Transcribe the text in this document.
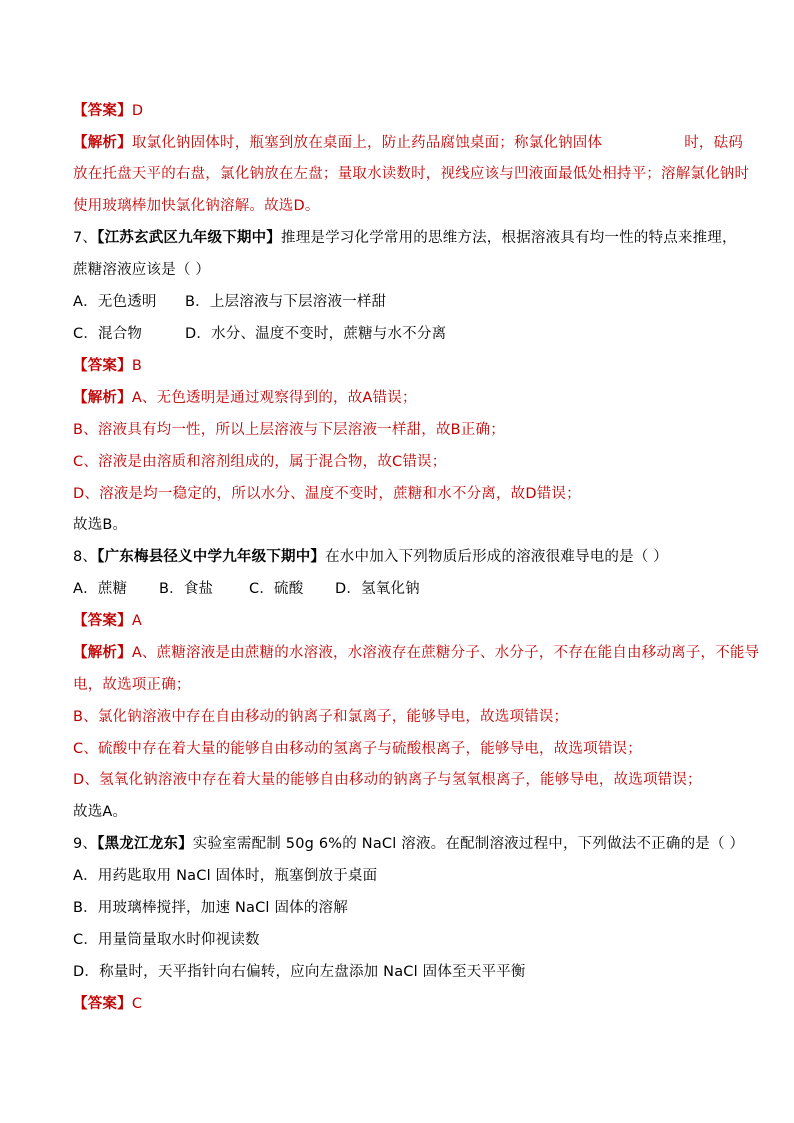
【答案】D
【解析】取氯化钠固体时，瓶塞到放在桌面上，防止药品腐蚀桌面；称氯化钠固体	时，砝码
放在托盘天平的右盘，氯化钠放在左盘；量取水读数时，视线应该与凹液面最低处相持平；溶解氯化钠时
使用玻璃棒加快氯化钠溶解。故选D。
7、【江苏玄武区九年级下期中】推理是学习化学常用的思维方法，根据溶液具有均一性的特点来推理，
蔗糖溶液应该是（ ）
A．无色透明 B．上层溶液与下层溶液一样甜
C．混合物	D．水分、温度不变时，蔗糖与水不分离
【答案】B
【解析】A、无色透明是通过观察得到的，故A错误；
B、溶液具有均一性，所以上层溶液与下层溶液一样甜，故B正确；
C、溶液是由溶质和溶剂组成的，属于混合物，故C错误；
D、溶液是均一稳定的，所以水分、温度不变时，蔗糖和水不分离，故D错误；
故选B。
8、【广东梅县径义中学九年级下期中】在水中加入下列物质后形成的溶液很难导电的是（ ）
A．蔗糖 B．食盐 C．硫酸 D．氢氧化钠
【答案】A
【解析】A、蔗糖溶液是由蔗糖的水溶液，水溶液存在蔗糖分子、水分子，不存在能自由移动离子，不能导
电，故选项正确；
B、氯化钠溶液中存在自由移动的钠离子和氯离子，能够导电，故选项错误；
C、硫酸中存在着大量的能够自由移动的氢离子与硫酸根离子，能够导电，故选项错误；
D、氢氧化钠溶液中存在着大量的能够自由移动的钠离子与氢氧根离子，能够导电，故选项错误；
故选A。
9、【黑龙江龙东】实验室需配制 50g 6%的 NaCl 溶液。在配制溶液过程中，下列做法不正确的是（ ）
A．用药匙取用 NaCl 固体时，瓶塞倒放于桌面
B．用玻璃棒搅拌，加速 NaCl 固体的溶解
C．用量筒量取水时仰视读数
D．称量时，天平指针向右偏转，应向左盘添加 NaCl 固体至天平平衡
【答案】C
